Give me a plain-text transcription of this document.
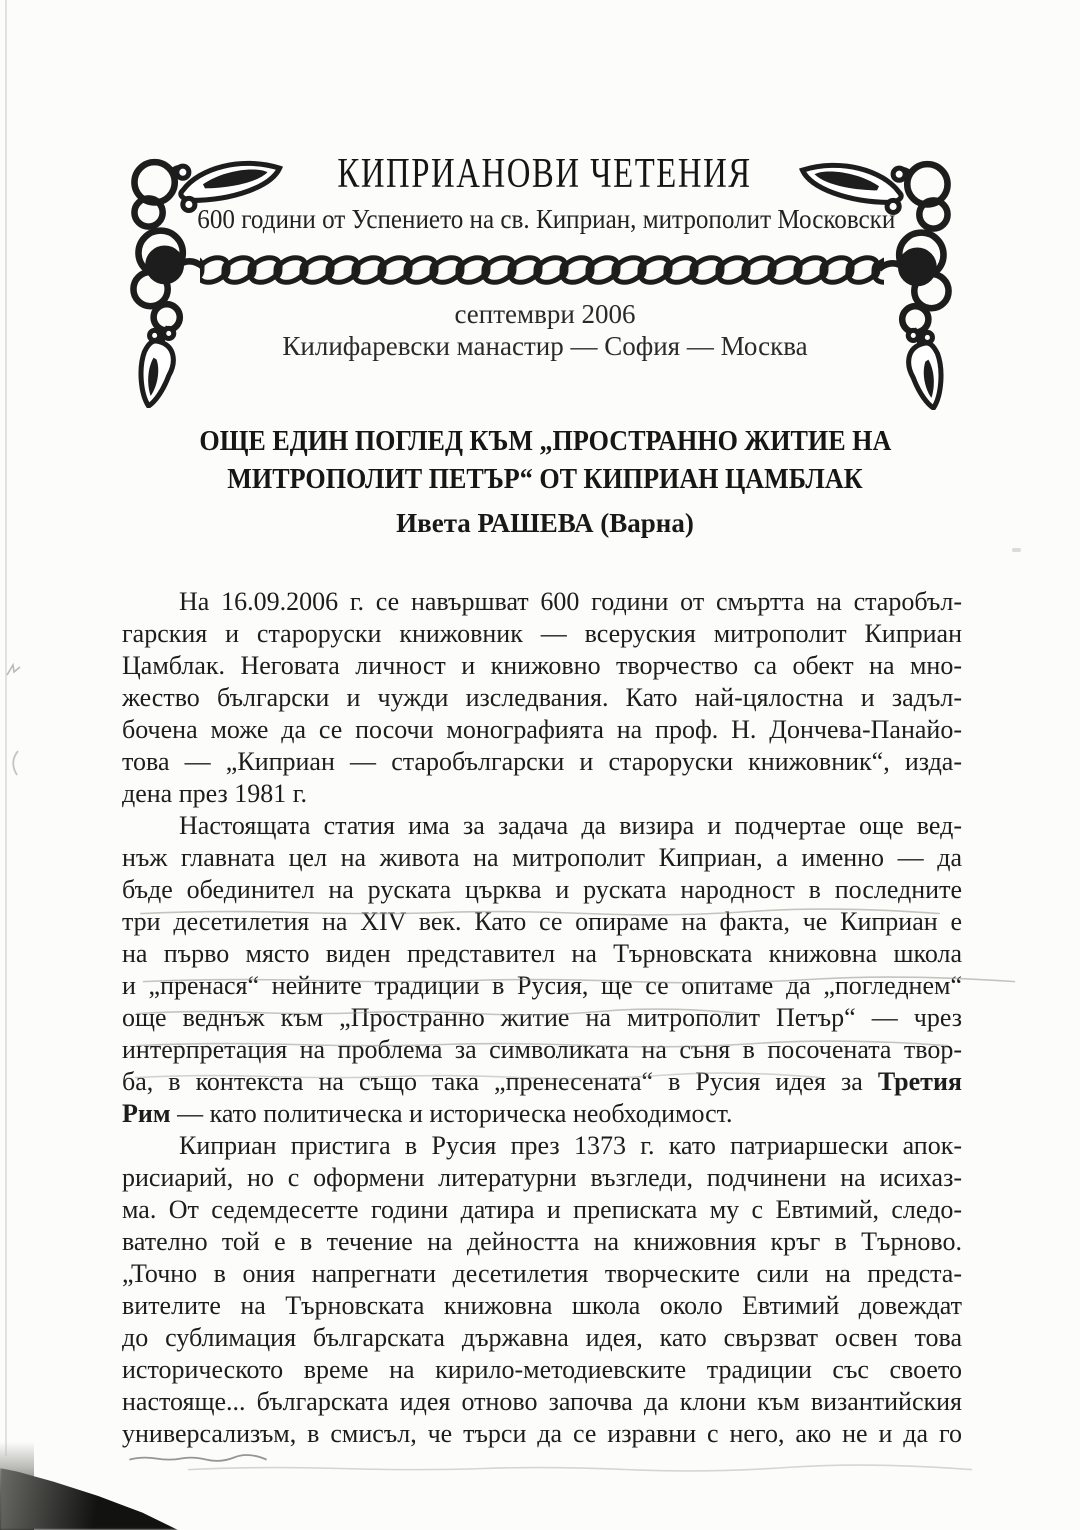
КИПРИАНОВИ ЧЕТЕНИЯ
600 години от Успението на св. Киприан, митрополит Московски
септември 2006
Килифаревски манастир — София — Москва
ОЩЕ ЕДИН ПОГЛЕД КЪМ „ПРОСТРАННО ЖИТИЕ НА
МИТРОПОЛИТ ПЕТЪР“ ОТ КИПРИАН ЦАМБЛАК
Ивета РАШЕВА (Варна)
На 16.09.2006 г. се навършват 600 години от смъртта на старобъл-
гарския и староруски книжовник — всеруския митрополит Киприан
Цамблак. Неговата личност и книжовно творчество са обект на мно-
жество български и чужди изследвания. Като най-цялостна и задъл-
бочена може да се посочи монографията на проф. Н. Дончева-Панайо-
това — „Киприан — старобългарски и староруски книжовник“, изда-
дена през 1981 г.
Настоящата статия има за задача да визира и подчертае още вед-
нъж главната цел на живота на митрополит Киприан, а именно — да
бъде обединител на руската църква и руската народност в последните
три десетилетия на XIV век. Като се опираме на факта, че Киприан е
на първо място виден представител на Търновската книжовна школа
и „пренася“ нейните традиции в Русия, ще се опитаме да „погледнем“
още веднъж към „Пространно житие на митрополит Петър“ — чрез
интерпретация на проблема за символиката на съня в посочената твор-
ба, в контекста на също така „пренесената“ в Русия идея за Третия
Рим — като политическа и историческа необходимост.
Киприан пристига в Русия през 1373 г. като патриаршески апок-
рисиарий, но с оформени литературни възгледи, подчинени на исихаз-
ма. От седемдесетте години датира и преписката му с Евтимий, следо-
вателно той е в течение на дейността на книжовния кръг в Търново.
„Точно в ония напрегнати десетилетия творческите сили на предста-
вителите на Търновската книжовна школа около Евтимий довеждат
до сублимация българската държавна идея, като свързват освен това
историческото време на кирило-методиевските традиции със своето
настояще... българската идея отново започва да клони към византийския
универсализъм, в смисъл, че търси да се изравни с него, ако не и да го
